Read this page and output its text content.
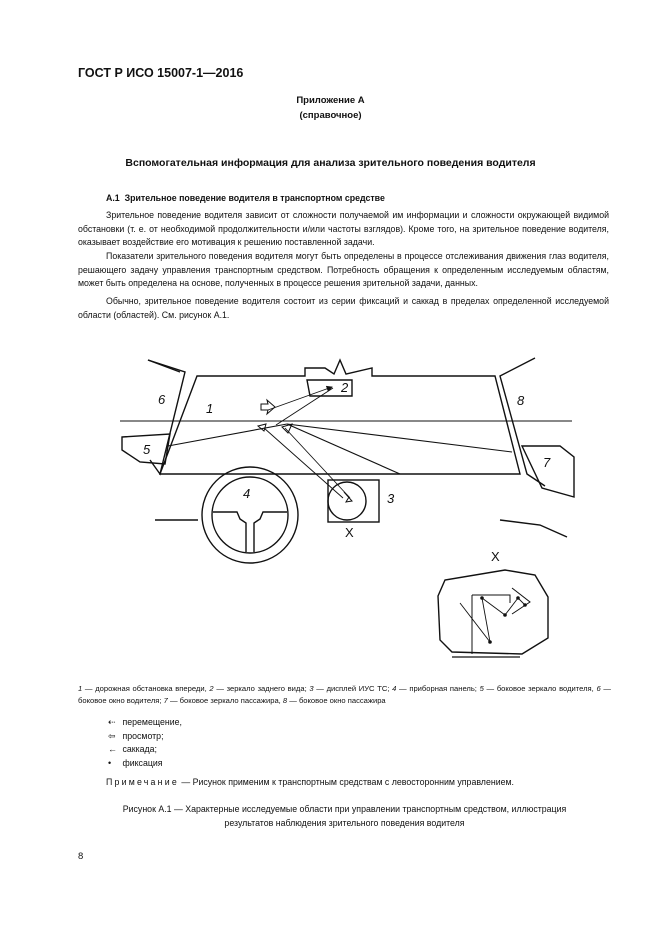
ГОСТ Р ИСО 15007-1—2016
Приложение А
(справочное)
Вспомогательная информация для анализа зрительного поведения водителя
А.1 Зрительное поведение водителя в транспортном средстве
Зрительное поведение водителя зависит от сложности получаемой им информации и сложности окружающей видимой обстановки (т. е. от необходимой продолжительности и/или частоты взглядов). Кроме того, на зрительное поведение водителя, оказывает воздействие его мотивация к решению поставленной задачи.
Показатели зрительного поведения водителя могут быть определены в процессе отслеживания движения глаз водителя, решающего задачу управления транспортным средством. Потребность обращения к определенным исследуемым областям, может быть определена на основе, полученных в процессе решения зрительной задачи, данных.
Обычно, зрительное поведение водителя состоит из серии фиксаций и саккад в пределах определенной исследуемой области (областей). См. рисунок А.1.
1
2
3
4
5
6
7
8
X
X
1 — дорожная обстановка впереди, 2 — зеркало заднего вида; 3 — дисплей ИУС ТС; 4 — приборная панель; 5 — боковое зеркало водителя, 6 — боковое окно водителя; 7 — боковое зеркало пассажира, 8 — боковое окно пассажира
⇠ перемещение,
⇦ просмотр;
← саккада;
• фиксация
Примечание — Рисунок применим к транспортным средствам с левосторонним управлением.
Рисунок А.1 — Характерные исследуемые области при управлении транспортным средством, иллюстрация
результатов наблюдения зрительного поведения водителя
8
